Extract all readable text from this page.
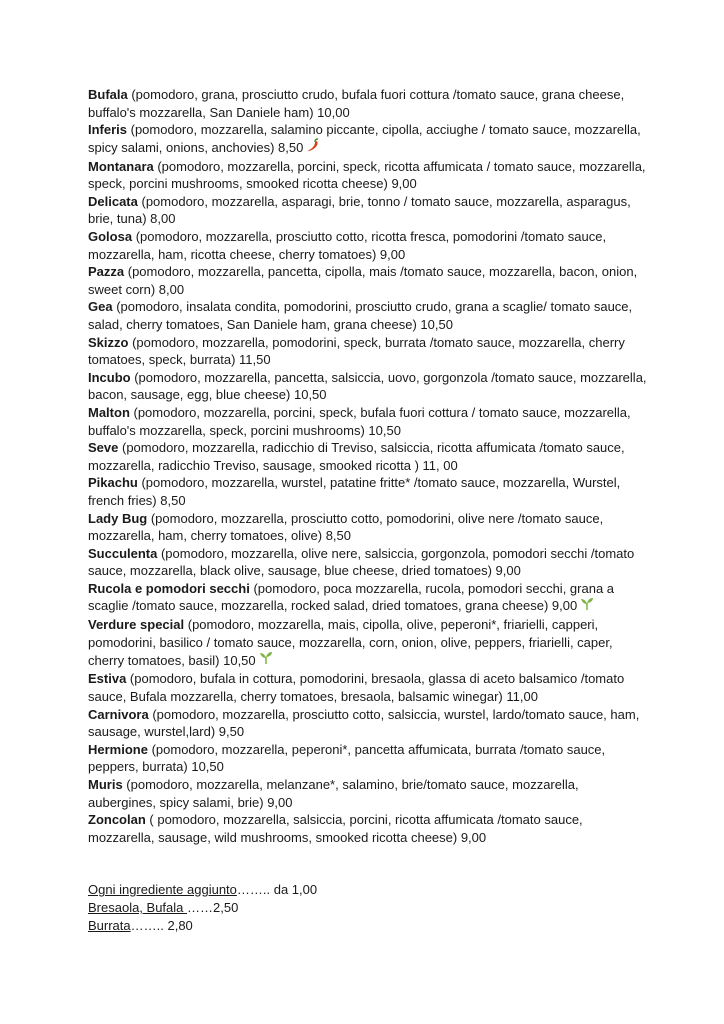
Bufala (pomodoro, grana, prosciutto crudo, bufala fuori cottura /tomato sauce, grana cheese, buffalo's mozzarella, San Daniele ham) 10,00

Inferis (pomodoro, mozzarella, salamino piccante, cipolla, acciughe / tomato sauce, mozzarella, spicy salami, onions, anchovies) 8,50

Montanara (pomodoro, mozzarella, porcini, speck, ricotta affumicata / tomato sauce, mozzarella, speck, porcini mushrooms, smooked ricotta cheese) 9,00

Delicata (pomodoro, mozzarella, asparagi, brie, tonno / tomato sauce, mozzarella, asparagus, brie, tuna) 8,00

Golosa (pomodoro, mozzarella, prosciutto cotto, ricotta fresca, pomodorini /tomato sauce, mozzarella, ham, ricotta cheese, cherry tomatoes) 9,00

Pazza (pomodoro, mozzarella, pancetta, cipolla, mais /tomato sauce, mozzarella, bacon, onion, sweet corn) 8,00

Gea (pomodoro, insalata condita, pomodorini, prosciutto crudo, grana a scaglie/ tomato sauce, salad, cherry tomatoes, San Daniele ham, grana cheese) 10,50

Skizzo (pomodoro, mozzarella, pomodorini, speck, burrata /tomato sauce, mozzarella, cherry tomatoes, speck, burrata) 11,50

Incubo (pomodoro, mozzarella, pancetta, salsiccia, uovo, gorgonzola /tomato sauce, mozzarella, bacon, sausage, egg, blue cheese) 10,50

Malton (pomodoro, mozzarella, porcini, speck, bufala fuori cottura / tomato sauce, mozzarella, buffalo's mozzarella, speck, porcini mushrooms) 10,50

Seve (pomodoro, mozzarella, radicchio di Treviso, salsiccia, ricotta affumicata /tomato sauce, mozzarella, radicchio Treviso, sausage, smooked ricotta ) 11, 00

Pikachu (pomodoro, mozzarella, wurstel, patatine fritte* /tomato sauce, mozzarella, Wurstel, french fries) 8,50

Lady Bug (pomodoro, mozzarella, prosciutto cotto, pomodorini, olive nere /tomato sauce, mozzarella, ham, cherry tomatoes, olive) 8,50

Succulenta (pomodoro, mozzarella, olive nere, salsiccia, gorgonzola, pomodori secchi /tomato sauce, mozzarella, black olive, sausage, blue cheese, dried tomatoes) 9,00

Rucola e pomodori secchi (pomodoro, poca mozzarella, rucola, pomodori secchi, grana a scaglie /tomato sauce, mozzarella, rocked salad, dried tomatoes, grana cheese) 9,00

Verdure special (pomodoro, mozzarella, mais, cipolla, olive, peperoni*, friarielli, capperi, pomodorini, basilico / tomato sauce, mozzarella, corn, onion, olive, peppers, friarielli, caper, cherry tomatoes, basil) 10,50

Estiva (pomodoro, bufala in cottura, pomodorini, bresaola, glassa di aceto balsamico /tomato sauce, Bufala mozzarella, cherry tomatoes, bresaola, balsamic winegar) 11,00

Carnivora (pomodoro, mozzarella, prosciutto cotto, salsiccia, wurstel, lardo/tomato sauce, ham, sausage, wurstel,lard) 9,50

Hermione (pomodoro, mozzarella, peperoni*, pancetta affumicata, burrata /tomato sauce, peppers, burrata) 10,50

Muris (pomodoro, mozzarella, melanzane*, salamino, brie/tomato sauce, mozzarella, aubergines, spicy salami, brie) 9,00

Zoncolan ( pomodoro, mozzarella, salsiccia, porcini, ricotta affumicata /tomato sauce, mozzarella, sausage, wild mushrooms, smooked ricotta cheese) 9,00

Ogni ingrediente aggiunto…….. da 1,00

Bresaola, Bufala ……2,50

Burrata…….. 2,80
